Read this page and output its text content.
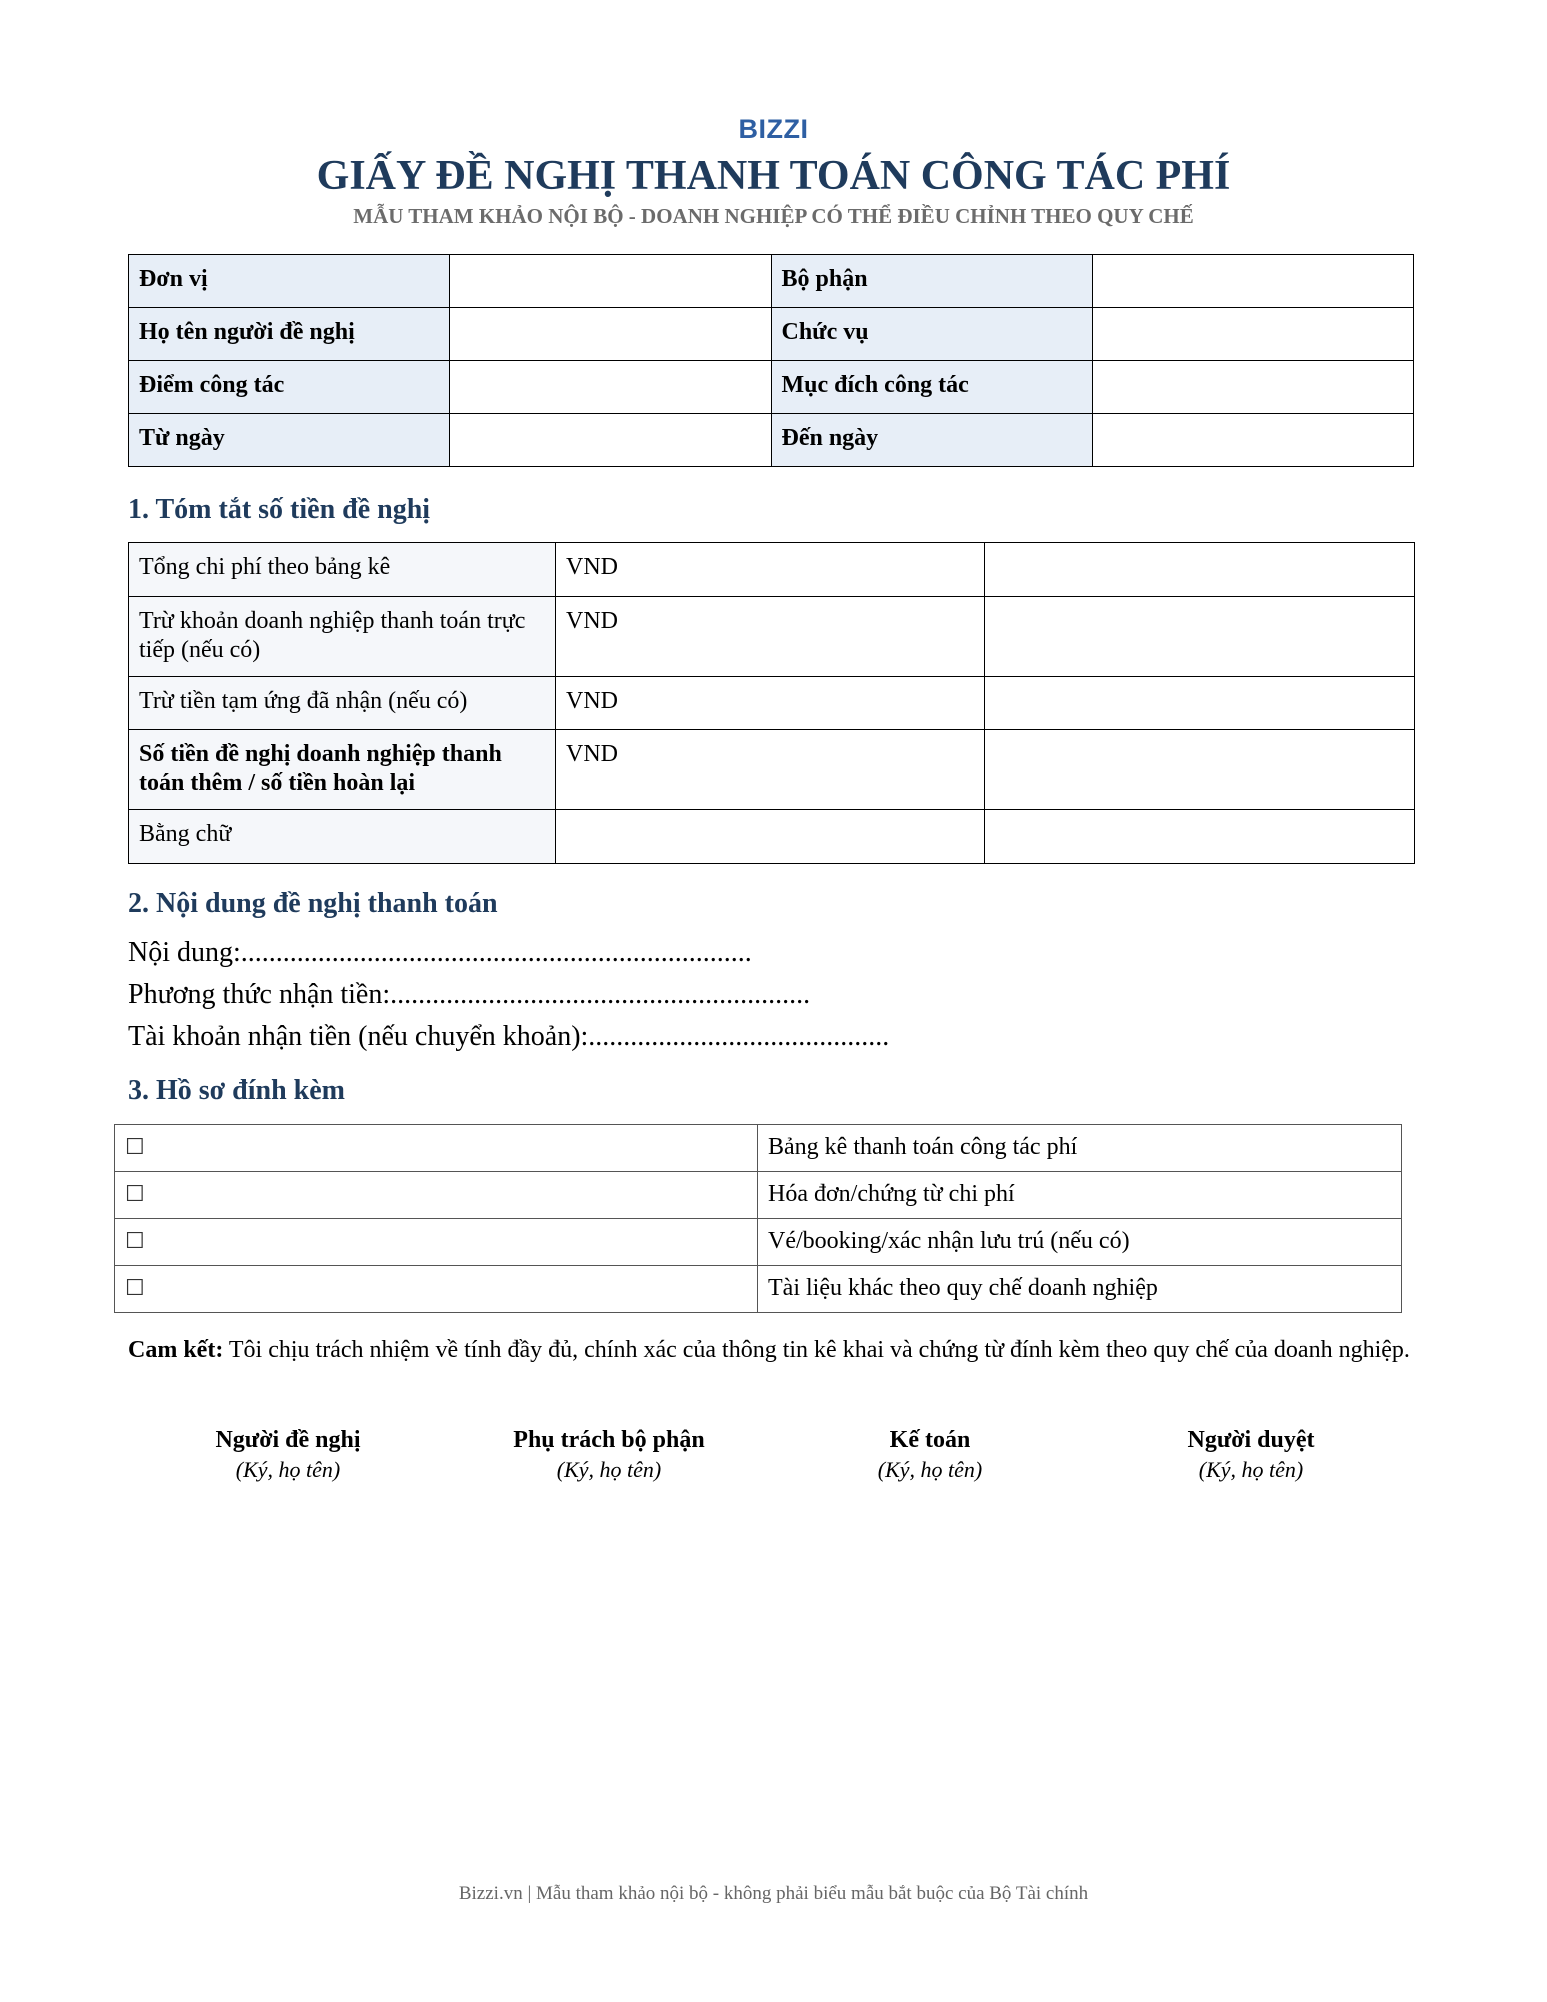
BIZZI
GIẤY ĐỀ NGHỊ THANH TOÁN CÔNG TÁC PHÍ
MẪU THAM KHẢO NỘI BỘ - DOANH NGHIỆP CÓ THỂ ĐIỀU CHỈNH THEO QUY CHẾ
Đơn vị		Bộ phận	
Họ tên người đề nghị		Chức vụ	
Điểm công tác		Mục đích công tác	
Từ ngày		Đến ngày	
1. Tóm tắt số tiền đề nghị
Tổng chi phí theo bảng kê	VND	
Trừ khoản doanh nghiệp thanh toán trực tiếp (nếu có)	VND	
Trừ tiền tạm ứng đã nhận (nếu có)	VND	
Số tiền đề nghị doanh nghiệp thanh toán thêm / số tiền hoàn lại	VND	
Bằng chữ		
2. Nội dung đề nghị thanh toán
Nội dung:.........................................................................
Phương thức nhận tiền:............................................................
Tài khoản nhận tiền (nếu chuyển khoản):...........................................
3. Hồ sơ đính kèm
☐	Bảng kê thanh toán công tác phí
☐	Hóa đơn/chứng từ chi phí
☐	Vé/booking/xác nhận lưu trú (nếu có)
☐	Tài liệu khác theo quy chế doanh nghiệp
Cam kết: Tôi chịu trách nhiệm về tính đầy đủ, chính xác của thông tin kê khai và chứng từ đính kèm theo quy chế của doanh nghiệp.
Người đề nghị
(Ký, họ tên)
Phụ trách bộ phận
(Ký, họ tên)
Kế toán
(Ký, họ tên)
Người duyệt
(Ký, họ tên)
Bizzi.vn | Mẫu tham khảo nội bộ - không phải biểu mẫu bắt buộc của Bộ Tài chính
